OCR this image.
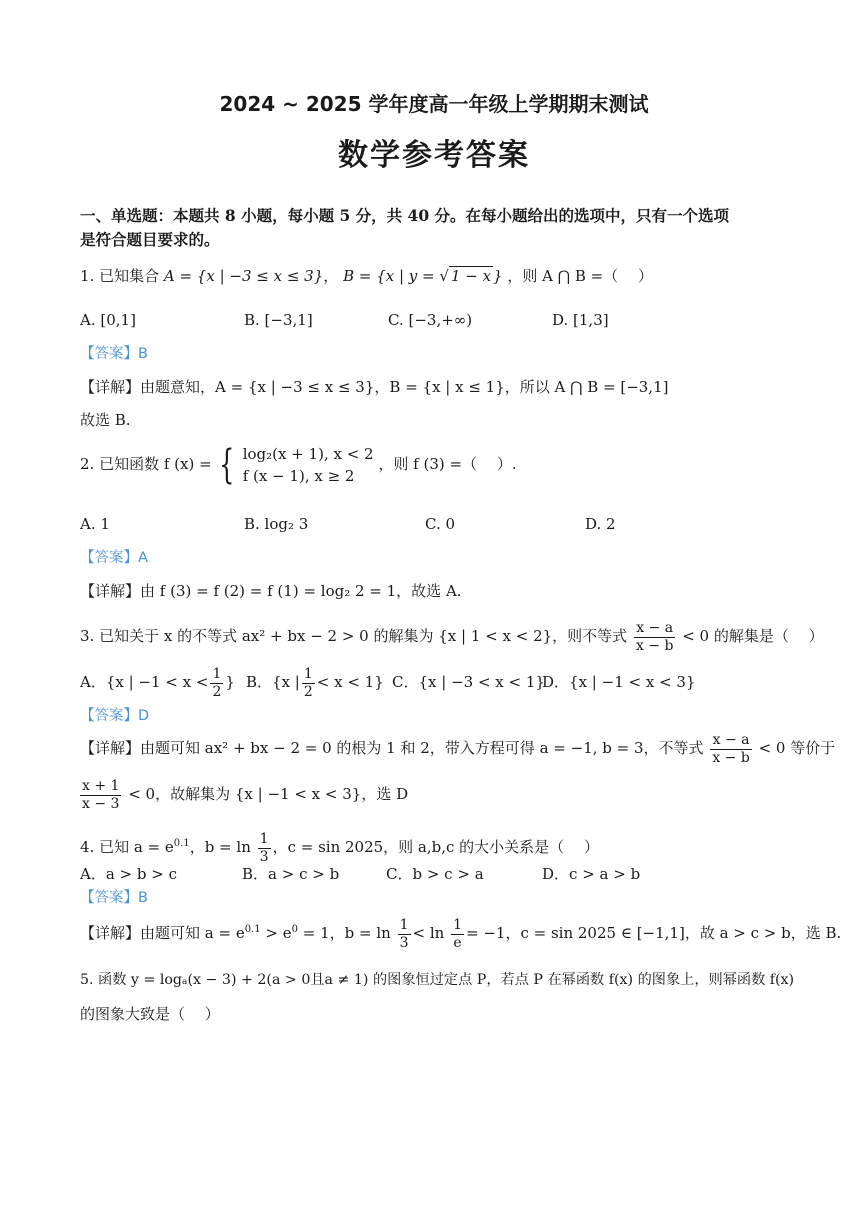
2024 ~ 2025 学年度高一年级上学期期末测试
数学参考答案
一、单选题：本题共 8 小题，每小题 5 分，共 40 分。在每小题给出的选项中，只有一个选项
是符合题目要求的。
1. 已知集合 A = {x | −3 ≤ x ≤ 3}， B = {x | y = √ 1 − x } ，则 A ⋂ B =（　 ）
A. [0,1]	B. [−3,1]	C. [−3,+∞)	D. [1,3]
【答案】B
【详解】由题意知，A = {x | −3 ≤ x ≤ 3}，B = {x | x ≤ 1}，所以 A ⋂ B = [−3,1]
故选 B.
2. 已知函数 f (x) = { log₂(x + 1), x < 2
f (x − 1), x ≥ 2
，则 f (3) =（　 ）.
A. 1	B. log₂ 3	C. 0	D. 2
【答案】A
【详解】由 f (3) = f (2) = f (1) = log₂ 2 = 1，故选 A.
3. 已知关于 x 的不等式 ax² + bx − 2 > 0 的解集为 {x | 1 < x < 2}，则不等式 $\frac{x - a}{x - b} < 0$ 的解集是（　 ）
A．{x | $-1 < x < \frac{1}{2}$ } B．{x | $\frac{1}{2} < x < 1$} C．{x | −3 < x < 1}
D．{x | −1 < x < 3}
【答案】D
【详解】由题可知 ax² + bx − 2 = 0 的根为 1 和 2，带入方程可得 a = −1, b = 3，不等式 $\frac{x - a}{x - b} < 0$ 等价于
$\frac{x + 1}{x - 3} < 0$，故解集为 {x | −1 < x < 3}，选 D
4. 已知 $a = e^{0.1}$，$b = \ln \frac{1}{3}$ ，c = sin 2025，则 a,b,c 的大小关系是（　 ）
A．a > b > c	B．a > c > b	C．b > c > a	D．c > a > b
【答案】B
【详解】由题可知 $a = e^{0.1} > e^0 = 1$，$b = \ln \frac{1}{3} < \ln \frac{1}{e} = -1$，c = sin 2025 ∈ [−1,1]，故 a > c > b，选 B.
5. 函数 y = logₐ(x − 3) + 2(a > 0且a ≠ 1) 的图象恒过定点 P，若点 P 在幂函数 f(x) 的图象上，则幂函数 f(x)
的图象大致是（　 ）
